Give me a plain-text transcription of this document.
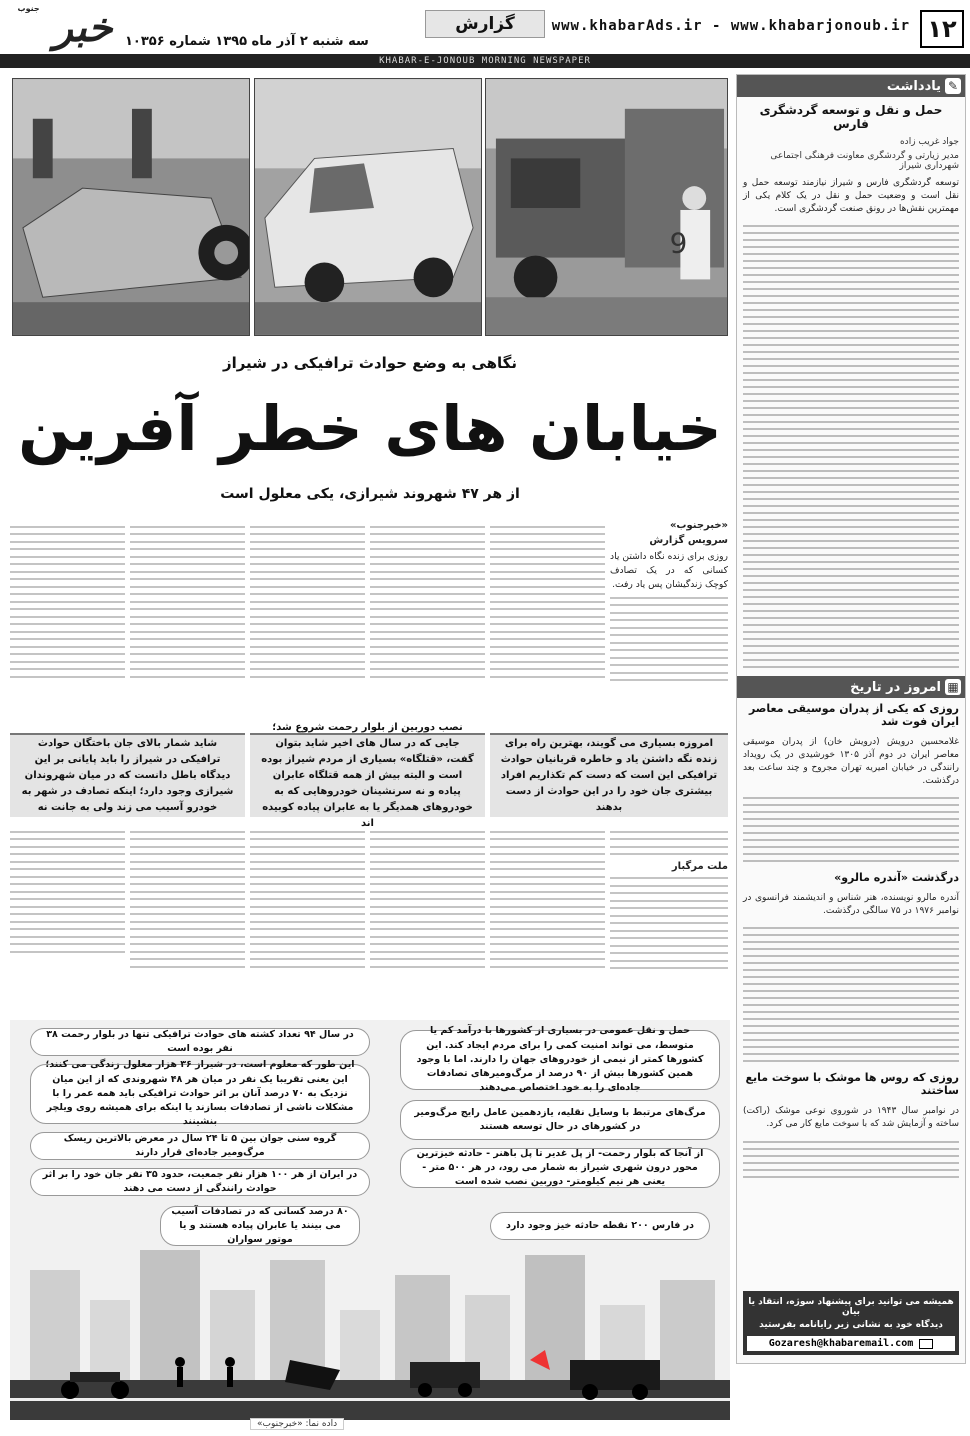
۱۲
www.khabarAds.ir - www.khabarjonoub.ir
گزارش
خبر $^{جنوب}$
سه شنبه ۲ آذر ماه ۱۳۹۵ شماره ۱۰۳۵۶
KHABAR-E-JONOUB MORNING NEWSPAPER
9
نگاهی به وضع حوادث ترافیکی در شیراز
خیابان های خطر آفرین
از هر ۴۷ شهروند شیرازی، یکی معلول است
«خبرجنوب»
سرویس گزارش
روزی برای زنده نگاه داشتن یاد کسانی که در یک تصادف کوچک زندگیشان پس یاد رفت.
امروزه بسیاری می گویند، بهترین راه برای زنده نگه داشتن یاد و خاطره قربانیان حوادث ترافیکی این است که دست کم تکذاریم افراد بیشتری جان خود را در این حوادث از دست بدهند
نصب دوربین از بلوار رحمت شروع شد؛ جایی که در سال های اخیر شاید بتوان گفت، «قتلگاه» بسیاری از مردم شیراز بوده است و البته بیش از همه قتلگاه عابران پیاده و نه سرنشینان خودروهایی که به خودروهای همدیگر یا به عابران پیاده کوبیده اند
شاید شمار بالای جان باختگان حوادث ترافیکی در شیراز را باید پایانی بر این دیدگاه باطل دانست که در میان شهروندان شیرازی وجود دارد؛ اینکه تصادف در شهر به خودرو آسیب می زند ولی به جانت نه
ملت مرگبار
حمل و نقل عمومی در بسیاری از کشورها با درآمد کم یا متوسط، می تواند امنیت کمی را برای مردم ایجاد کند. این کشورها کمتر از نیمی از خودروهای جهان را دارند. اما با وجود همین کشورها بیش از ۹۰ درصد از مرگ‌ومیرهای تصادفات جاده‌ای را به خود اختصاص می‌دهند
در سال ۹۴ تعداد کشته های حوادث ترافیکی تنها در بلوار رحمت ۳۸ نفر بوده است
این طور که معلوم است، در شیراز ۳۶ هزار معلول زندگی می کنند؛ این یعنی تقریبا یک نفر در میان هر ۴۸ شهروندی که از این میان نزدیک به ۷۰ درصد آنان بر اثر حوادث ترافیکی باید همه عمر را با مشکلات ناشی از تصادفات بسازند یا اینکه برای همیشه روی ویلچر بنشینند
مرگ‌های مرتبط با وسایل نقلیه، یازدهمین عامل رایج مرگ‌ومیر در کشورهای در حال توسعه هستند
گروه سنی جوان بین ۵ تا ۲۴ سال در معرض بالاترین ریسک مرگ‌ومیر جاده‌ای قرار دارند	از آنجا که بلوار رحمت- از پل غدیر تا پل باهنر - حادثه خیزترین محور درون شهری شیراز به شمار می رود، در هر ۵۰۰ متر - یعنی هر نیم کیلومتر- دوربین نصب شده است
در ایران از هر ۱۰۰ هزار نفر جمعیت، حدود ۳۵ نفر جان خود را بر اثر حوادث رانندگی از دست می دهند
۸۰ درصد کسانی که در تصادفات آسیب می بینند یا عابران پیاده هستند و یا موتور سواران
در فارس ۲۰۰ نقطه حادثه خیز وجود دارد
داده نما: «خبرجنوب»
✎
یادداشت
حمل و نقل و توسعه گردشگری فارس
جواد غریب زاده
مدیر زیارتی و گردشگری معاونت فرهنگی اجتماعی شهرداری شیراز
توسعه گردشگری فارس و شیراز نیازمند توسعه حمل و نقل است و وضعیت حمل و نقل در یک کلام یکی از مهمترین نقش‌ها در رونق صنعت گردشگری است.
▦
امروز در تاریخ
روزی که یکی از پدران موسیقی معاصر ایران فوت شد
غلامحسین درویش (درویش خان) از پدران موسیقی معاصر ایران در دوم آذر ۱۳۰۵ خورشیدی در یک رویداد رانندگی در خیابان امیریه تهران مجروح و چند ساعت بعد درگذشت.
درگذشت «آندره مالرو»
آندره مالرو نویسنده، هنر شناس و اندیشمند فرانسوی در نوامبر ۱۹۷۶ در ۷۵ سالگی درگذشت.
روزی که روس ها موشک با سوخت مایع ساختند
در نوامبر سال ۱۹۴۳ در شوروی نوعی موشک (راکت) ساخته و آزمایش شد که با سوخت مایع کار می کرد.
همیشه می توانید برای پیشنهاد سوژه، انتقاد یا بیان
دیدگاه خود به نشانی زیر رایانامه بفرستید
Gozaresh@khabaremail.com
